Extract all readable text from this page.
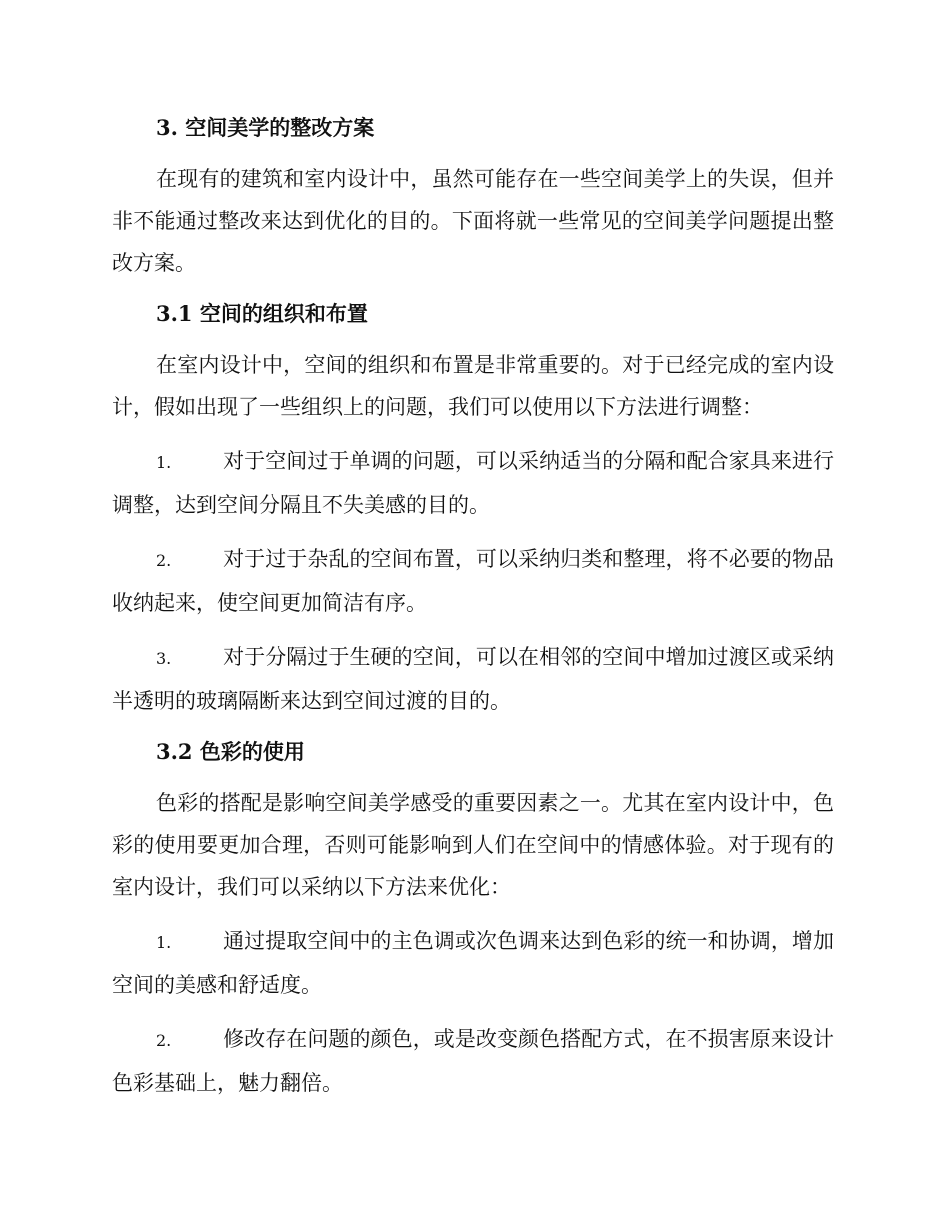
3. 空间美学的整改方案

在现有的建筑和室内设计中，虽然可能存在一些空间美学上的失误，但并非不能通过整改来达到优化的目的。下面将就一些常见的空间美学问题提出整改方案。

3.1 空间的组织和布置

在室内设计中，空间的组织和布置是非常重要的。对于已经完成的室内设计，假如出现了一些组织上的问题，我们可以使用以下方法进行调整：

1. 对于空间过于单调的问题，可以采纳适当的分隔和配合家具来进行调整，达到空间分隔且不失美感的目的。

2. 对于过于杂乱的空间布置，可以采纳归类和整理，将不必要的物品收纳起来，使空间更加简洁有序。

3. 对于分隔过于生硬的空间，可以在相邻的空间中增加过渡区或采纳半透明的玻璃隔断来达到空间过渡的目的。

3.2 色彩的使用

色彩的搭配是影响空间美学感受的重要因素之一。尤其在室内设计中，色彩的使用要更加合理，否则可能影响到人们在空间中的情感体验。对于现有的室内设计，我们可以采纳以下方法来优化：

1. 通过提取空间中的主色调或次色调来达到色彩的统一和协调，增加空间的美感和舒适度。

2. 修改存在问题的颜色，或是改变颜色搭配方式，在不损害原来设计色彩基础上，魅力翻倍。
